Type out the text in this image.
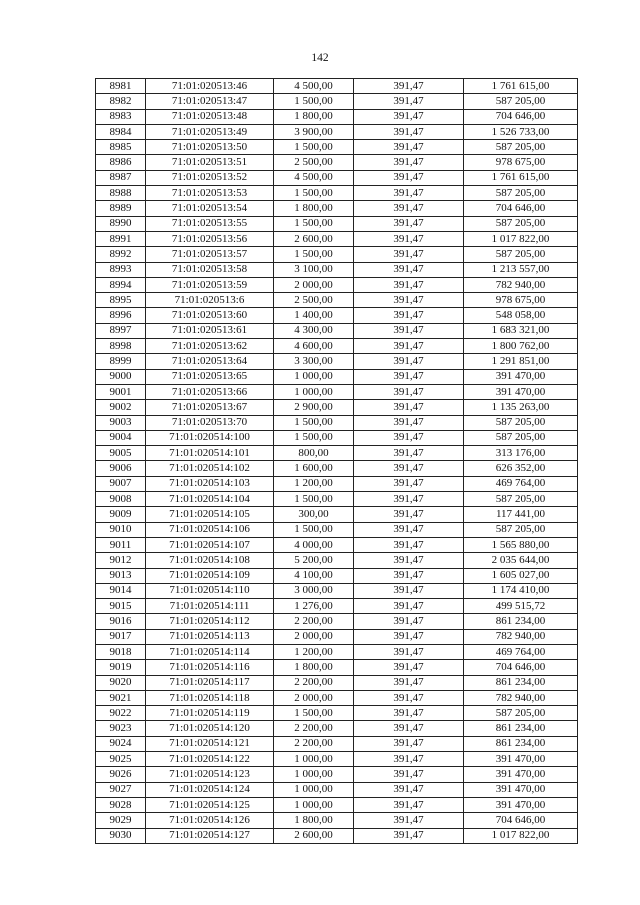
142
8981	71:01:020513:46	4 500,00	391,47	1 761 615,00
8982	71:01:020513:47	1 500,00	391,47	587 205,00
8983	71:01:020513:48	1 800,00	391,47	704 646,00
8984	71:01:020513:49	3 900,00	391,47	1 526 733,00
8985	71:01:020513:50	1 500,00	391,47	587 205,00
8986	71:01:020513:51	2 500,00	391,47	978 675,00
8987	71:01:020513:52	4 500,00	391,47	1 761 615,00
8988	71:01:020513:53	1 500,00	391,47	587 205,00
8989	71:01:020513:54	1 800,00	391,47	704 646,00
8990	71:01:020513:55	1 500,00	391,47	587 205,00
8991	71:01:020513:56	2 600,00	391,47	1 017 822,00
8992	71:01:020513:57	1 500,00	391,47	587 205,00
8993	71:01:020513:58	3 100,00	391,47	1 213 557,00
8994	71:01:020513:59	2 000,00	391,47	782 940,00
8995	71:01:020513:6	2 500,00	391,47	978 675,00
8996	71:01:020513:60	1 400,00	391,47	548 058,00
8997	71:01:020513:61	4 300,00	391,47	1 683 321,00
8998	71:01:020513:62	4 600,00	391,47	1 800 762,00
8999	71:01:020513:64	3 300,00	391,47	1 291 851,00
9000	71:01:020513:65	1 000,00	391,47	391 470,00
9001	71:01:020513:66	1 000,00	391,47	391 470,00
9002	71:01:020513:67	2 900,00	391,47	1 135 263,00
9003	71:01:020513:70	1 500,00	391,47	587 205,00
9004	71:01:020514:100	1 500,00	391,47	587 205,00
9005	71:01:020514:101	800,00	391,47	313 176,00
9006	71:01:020514:102	1 600,00	391,47	626 352,00
9007	71:01:020514:103	1 200,00	391,47	469 764,00
9008	71:01:020514:104	1 500,00	391,47	587 205,00
9009	71:01:020514:105	300,00	391,47	117 441,00
9010	71:01:020514:106	1 500,00	391,47	587 205,00
9011	71:01:020514:107	4 000,00	391,47	1 565 880,00
9012	71:01:020514:108	5 200,00	391,47	2 035 644,00
9013	71:01:020514:109	4 100,00	391,47	1 605 027,00
9014	71:01:020514:110	3 000,00	391,47	1 174 410,00
9015	71:01:020514:111	1 276,00	391,47	499 515,72
9016	71:01:020514:112	2 200,00	391,47	861 234,00
9017	71:01:020514:113	2 000,00	391,47	782 940,00
9018	71:01:020514:114	1 200,00	391,47	469 764,00
9019	71:01:020514:116	1 800,00	391,47	704 646,00
9020	71:01:020514:117	2 200,00	391,47	861 234,00
9021	71:01:020514:118	2 000,00	391,47	782 940,00
9022	71:01:020514:119	1 500,00	391,47	587 205,00
9023	71:01:020514:120	2 200,00	391,47	861 234,00
9024	71:01:020514:121	2 200,00	391,47	861 234,00
9025	71:01:020514:122	1 000,00	391,47	391 470,00
9026	71:01:020514:123	1 000,00	391,47	391 470,00
9027	71:01:020514:124	1 000,00	391,47	391 470,00
9028	71:01:020514:125	1 000,00	391,47	391 470,00
9029	71:01:020514:126	1 800,00	391,47	704 646,00
9030	71:01:020514:127	2 600,00	391,47	1 017 822,00
